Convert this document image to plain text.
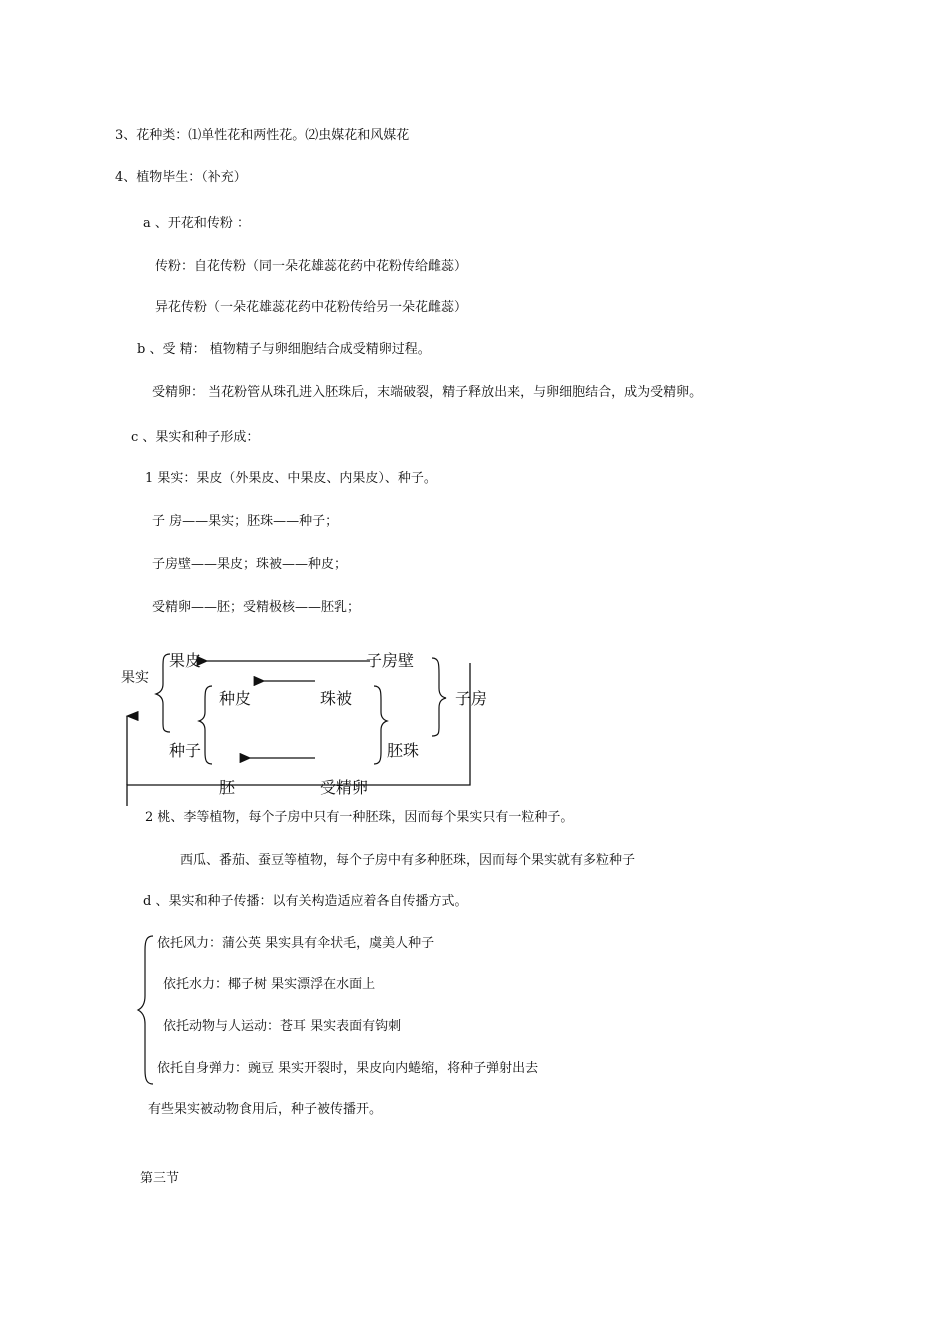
3、花种类：⑴单性花和两性花。⑵虫媒花和风媒花
4、植物毕生：（补充）
a 、开花和传粉 ：
传粉：自花传粉（同一朵花雄蕊花药中花粉传给雌蕊）
异花传粉（一朵花雄蕊花药中花粉传给另一朵花雌蕊）
b 、受 精： 植物精子与卵细胞结合成受精卵过程。
受精卵： 当花粉管从珠孔进入胚珠后，末端破裂，精子释放出来，与卵细胞结合，成为受精卵。
c 、果实和种子形成：
1 果实：果皮（外果皮、中果皮、内果皮）、种子。
子 房——果实；胚珠——种子；
子房壁——果皮；珠被——种皮；
受精卵——胚；受精极核——胚乳；
果实
果皮	子房壁
种皮	珠被	子房
种子	胚珠
胚	受精卵
2 桃、李等植物，每个子房中只有一种胚珠，因而每个果实只有一粒种子。
西瓜、番茄、蚕豆等植物，每个子房中有多种胚珠，因而每个果实就有多粒种子
d 、果实和种子传播：以有关构造适应着各自传播方式。
依托风力：蒲公英 果实具有伞状毛，虞美人种子
依托水力：椰子树 果实漂浮在水面上
依托动物与人运动：苍耳 果实表面有钩刺
依托自身弹力：豌豆 果实开裂时，果皮向内蜷缩，将种子弹射出去
有些果实被动物食用后，种子被传播开。
第三节
